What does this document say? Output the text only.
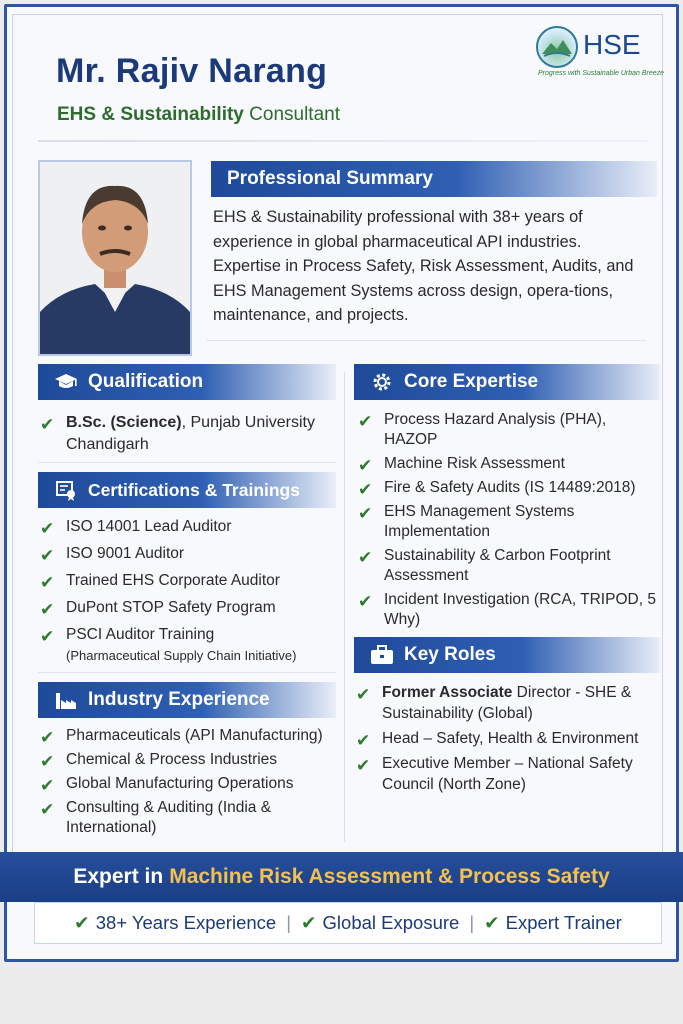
Mr. Rajiv Narang
EHS & Sustainability Consultant
HSE
Progress with Sustainable Urban Breeze
Professional Summary
EHS & Sustainability professional with 38+ years of experience in global pharmaceutical API industries. Expertise in Process Safety, Risk Assessment, Audits, and EHS Management Systems across design, opera-tions, maintenance, and projects.
Qualification
✔ B.Sc. (Science), Punjab University Chandigarh
Certifications & Trainings
✔ ISO 14001 Lead Auditor
✔ ISO 9001 Auditor
✔ Trained EHS Corporate Auditor
✔ DuPont STOP Safety Program
✔ PSCI Auditor Training
(Pharmaceutical Supply Chain Initiative)
Industry Experience
✔ Pharmaceuticals (API Manufacturing)
✔ Chemical & Process Industries
✔ Global Manufacturing Operations
✔ Consulting & Auditing (India & International)
Core Expertise
✔ Process Hazard Analysis (PHA), HAZOP
✔ Machine Risk Assessment
✔ Fire & Safety Audits (IS 14489:2018)
✔ EHS Management Systems Implementation
✔ Sustainability & Carbon Footprint Assessment
✔ Incident Investigation (RCA, TRIPOD, 5 Why)
Key Roles
✔ Former Associate Director - SHE & Sustainability (Global)
✔ Head – Safety, Health & Environment
✔ Executive Member – National Safety Council (North Zone)
Expert in Machine Risk Assessment & Process Safety
✔ 38+ Years Experience | ✔ Global Exposure | ✔ Expert Trainer
